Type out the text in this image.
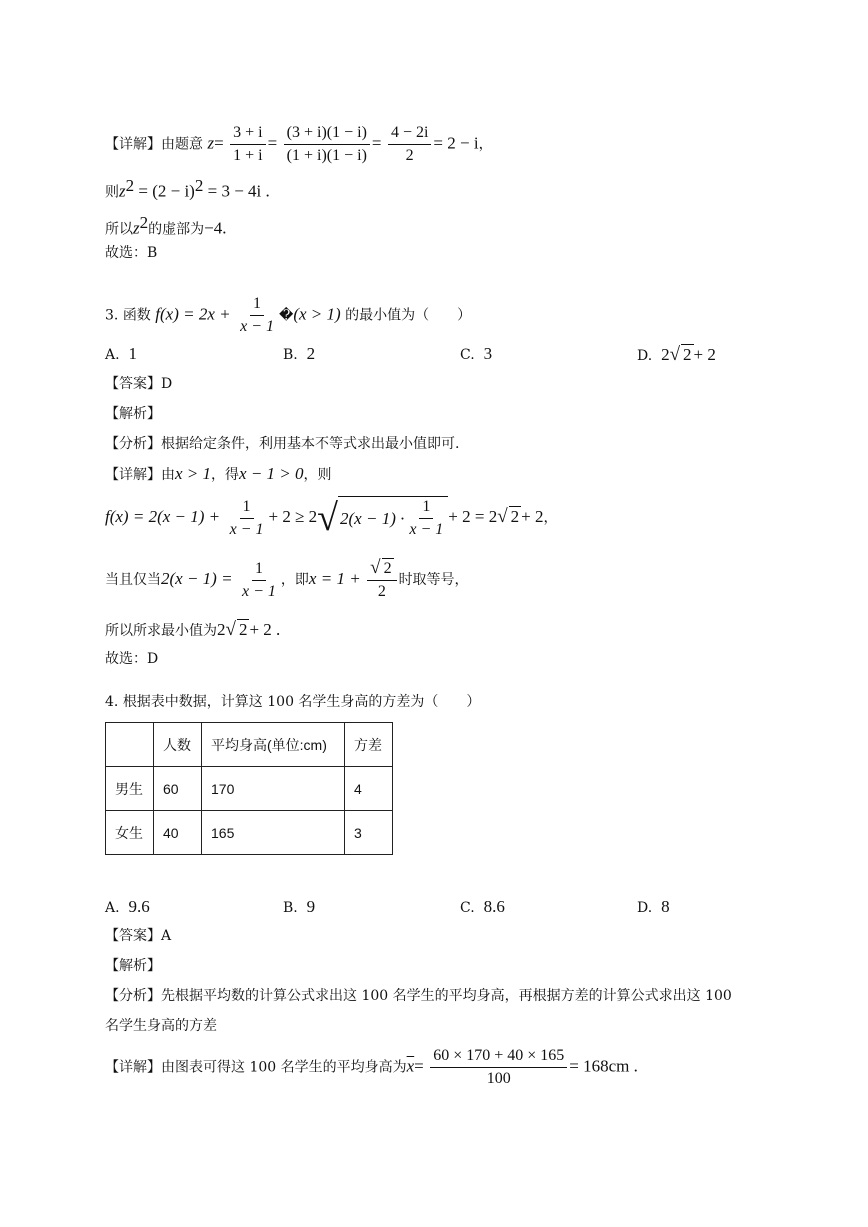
【详解】由题意 $z= \frac{3 + i}{1 + i} = \frac{(3 + i)(1 - i)}{(1 + i)(1 - i)} = \frac{4 - 2i}{2} = 2 - i$，
则$z^2 = (2 - i)^2 = 3 - 4i$ .
所以$z^2$的虚部为−4.
故选：B
3. 函数 $f(x) = 2x + \frac{1}{x - 1}$ �(x > 1) 的最小值为（　　）
A. 1	B. 2	C. 3	D. 2√ 2 + 2
【答案】D
【解析】
【分析】根据给定条件，利用基本不等式求出最小值即可.
【详解】由x > 1，得x − 1 > 0，则
$f(x) = 2(x - 1) + \frac{1}{x - 1} + 2 \ge 2$ √ $2(x - 1) \cdot \frac{1}{x - 1} + 2 = 2√$ 2 + 2，
当且仅当$2(x - 1) = \frac{1}{x - 1}$ ，即$x = 1 + \frac{√ 2}{2}$ 时取等号，
所以所求最小值为2√ 2 + 2 .
故选：D
4. 根据表中数据，计算这 100 名学生身高的方差为（　　）
	人数	平均身高(单位:cm)	方差
男生	60	170	4
女生	40	165	3
A. 9.6	B. 9	C. 8.6	D. 8
【答案】A
【解析】
【分析】先根据平均数的计算公式求出这 100 名学生的平均身高，再根据方差的计算公式求出这 100
名学生身高的方差
【详解】由图表可得这 100 名学生的平均身高为$\overline{x}= \frac{60 \times 170 + 40 \times 165}{100} = 168cm$ .
